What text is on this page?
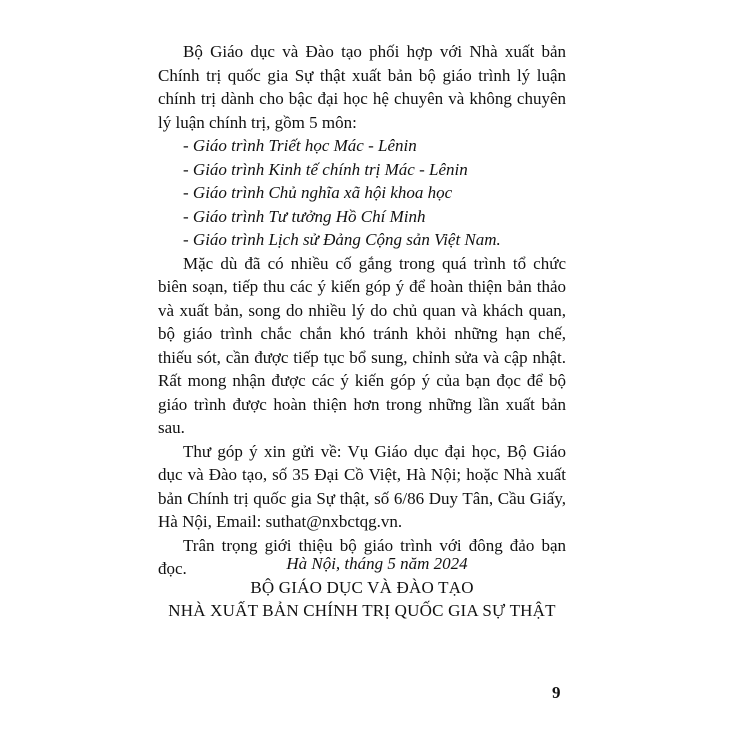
Bộ Giáo dục và Đào tạo phối hợp với Nhà xuất bản Chính trị quốc gia Sự thật xuất bản bộ giáo trình lý luận chính trị dành cho bậc đại học hệ chuyên và không chuyên lý luận chính trị, gồm 5 môn:

- Giáo trình Triết học Mác - Lênin
- Giáo trình Kinh tế chính trị Mác - Lênin
- Giáo trình Chủ nghĩa xã hội khoa học
- Giáo trình Tư tưởng Hồ Chí Minh
- Giáo trình Lịch sử Đảng Cộng sản Việt Nam.

Mặc dù đã có nhiều cố gắng trong quá trình tổ chức biên soạn, tiếp thu các ý kiến góp ý để hoàn thiện bản thảo và xuất bản, song do nhiều lý do chủ quan và khách quan, bộ giáo trình chắc chắn khó tránh khỏi những hạn chế, thiếu sót, cần được tiếp tục bổ sung, chỉnh sửa và cập nhật. Rất mong nhận được các ý kiến góp ý của bạn đọc để bộ giáo trình được hoàn thiện hơn trong những lần xuất bản sau.

Thư góp ý xin gửi về: Vụ Giáo dục đại học, Bộ Giáo dục và Đào tạo, số 35 Đại Cồ Việt, Hà Nội; hoặc Nhà xuất bản Chính trị quốc gia Sự thật, số 6/86 Duy Tân, Cầu Giấy, Hà Nội, Email: suthat@nxbctqg.vn.

Trân trọng giới thiệu bộ giáo trình với đông đảo bạn đọc.	Hà Nội, tháng 5 năm 2024
BỘ GIÁO DỤC VÀ ĐÀO TẠO
NHÀ XUẤT BẢN CHÍNH TRỊ QUỐC GIA SỰ THẬT
9
